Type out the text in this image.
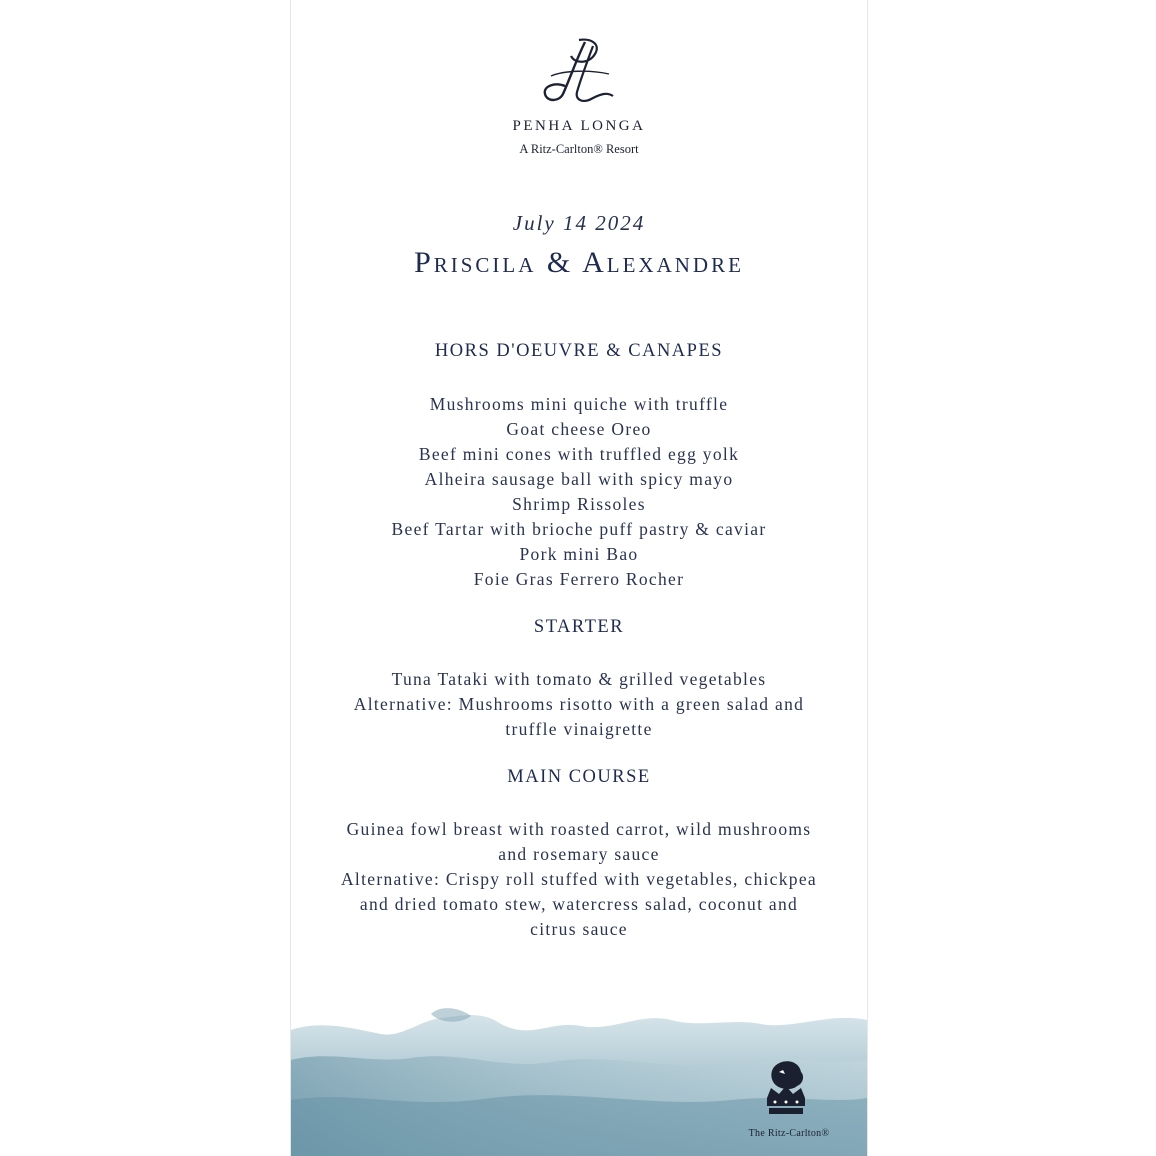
PENHA LONGA
A Ritz-Carlton® Resort
July 14 2024
Priscila & Alexandre
HORS D'OEUVRE & CANAPES
Mushrooms mini quiche with truffle
Goat cheese Oreo
Beef mini cones with truffled egg yolk
Alheira sausage ball with spicy mayo
Shrimp Rissoles
Beef Tartar with brioche puff pastry & caviar
Pork mini Bao
Foie Gras Ferrero Rocher
STARTER
Tuna Tataki with tomato & grilled vegetables
Alternative: Mushrooms risotto with a green salad and
truffle vinaigrette
MAIN COURSE
Guinea fowl breast with roasted carrot, wild mushrooms
and rosemary sauce
Alternative: Crispy roll stuffed with vegetables, chickpea
and dried tomato stew, watercress salad, coconut and
citrus sauce
The Ritz-Carlton®
